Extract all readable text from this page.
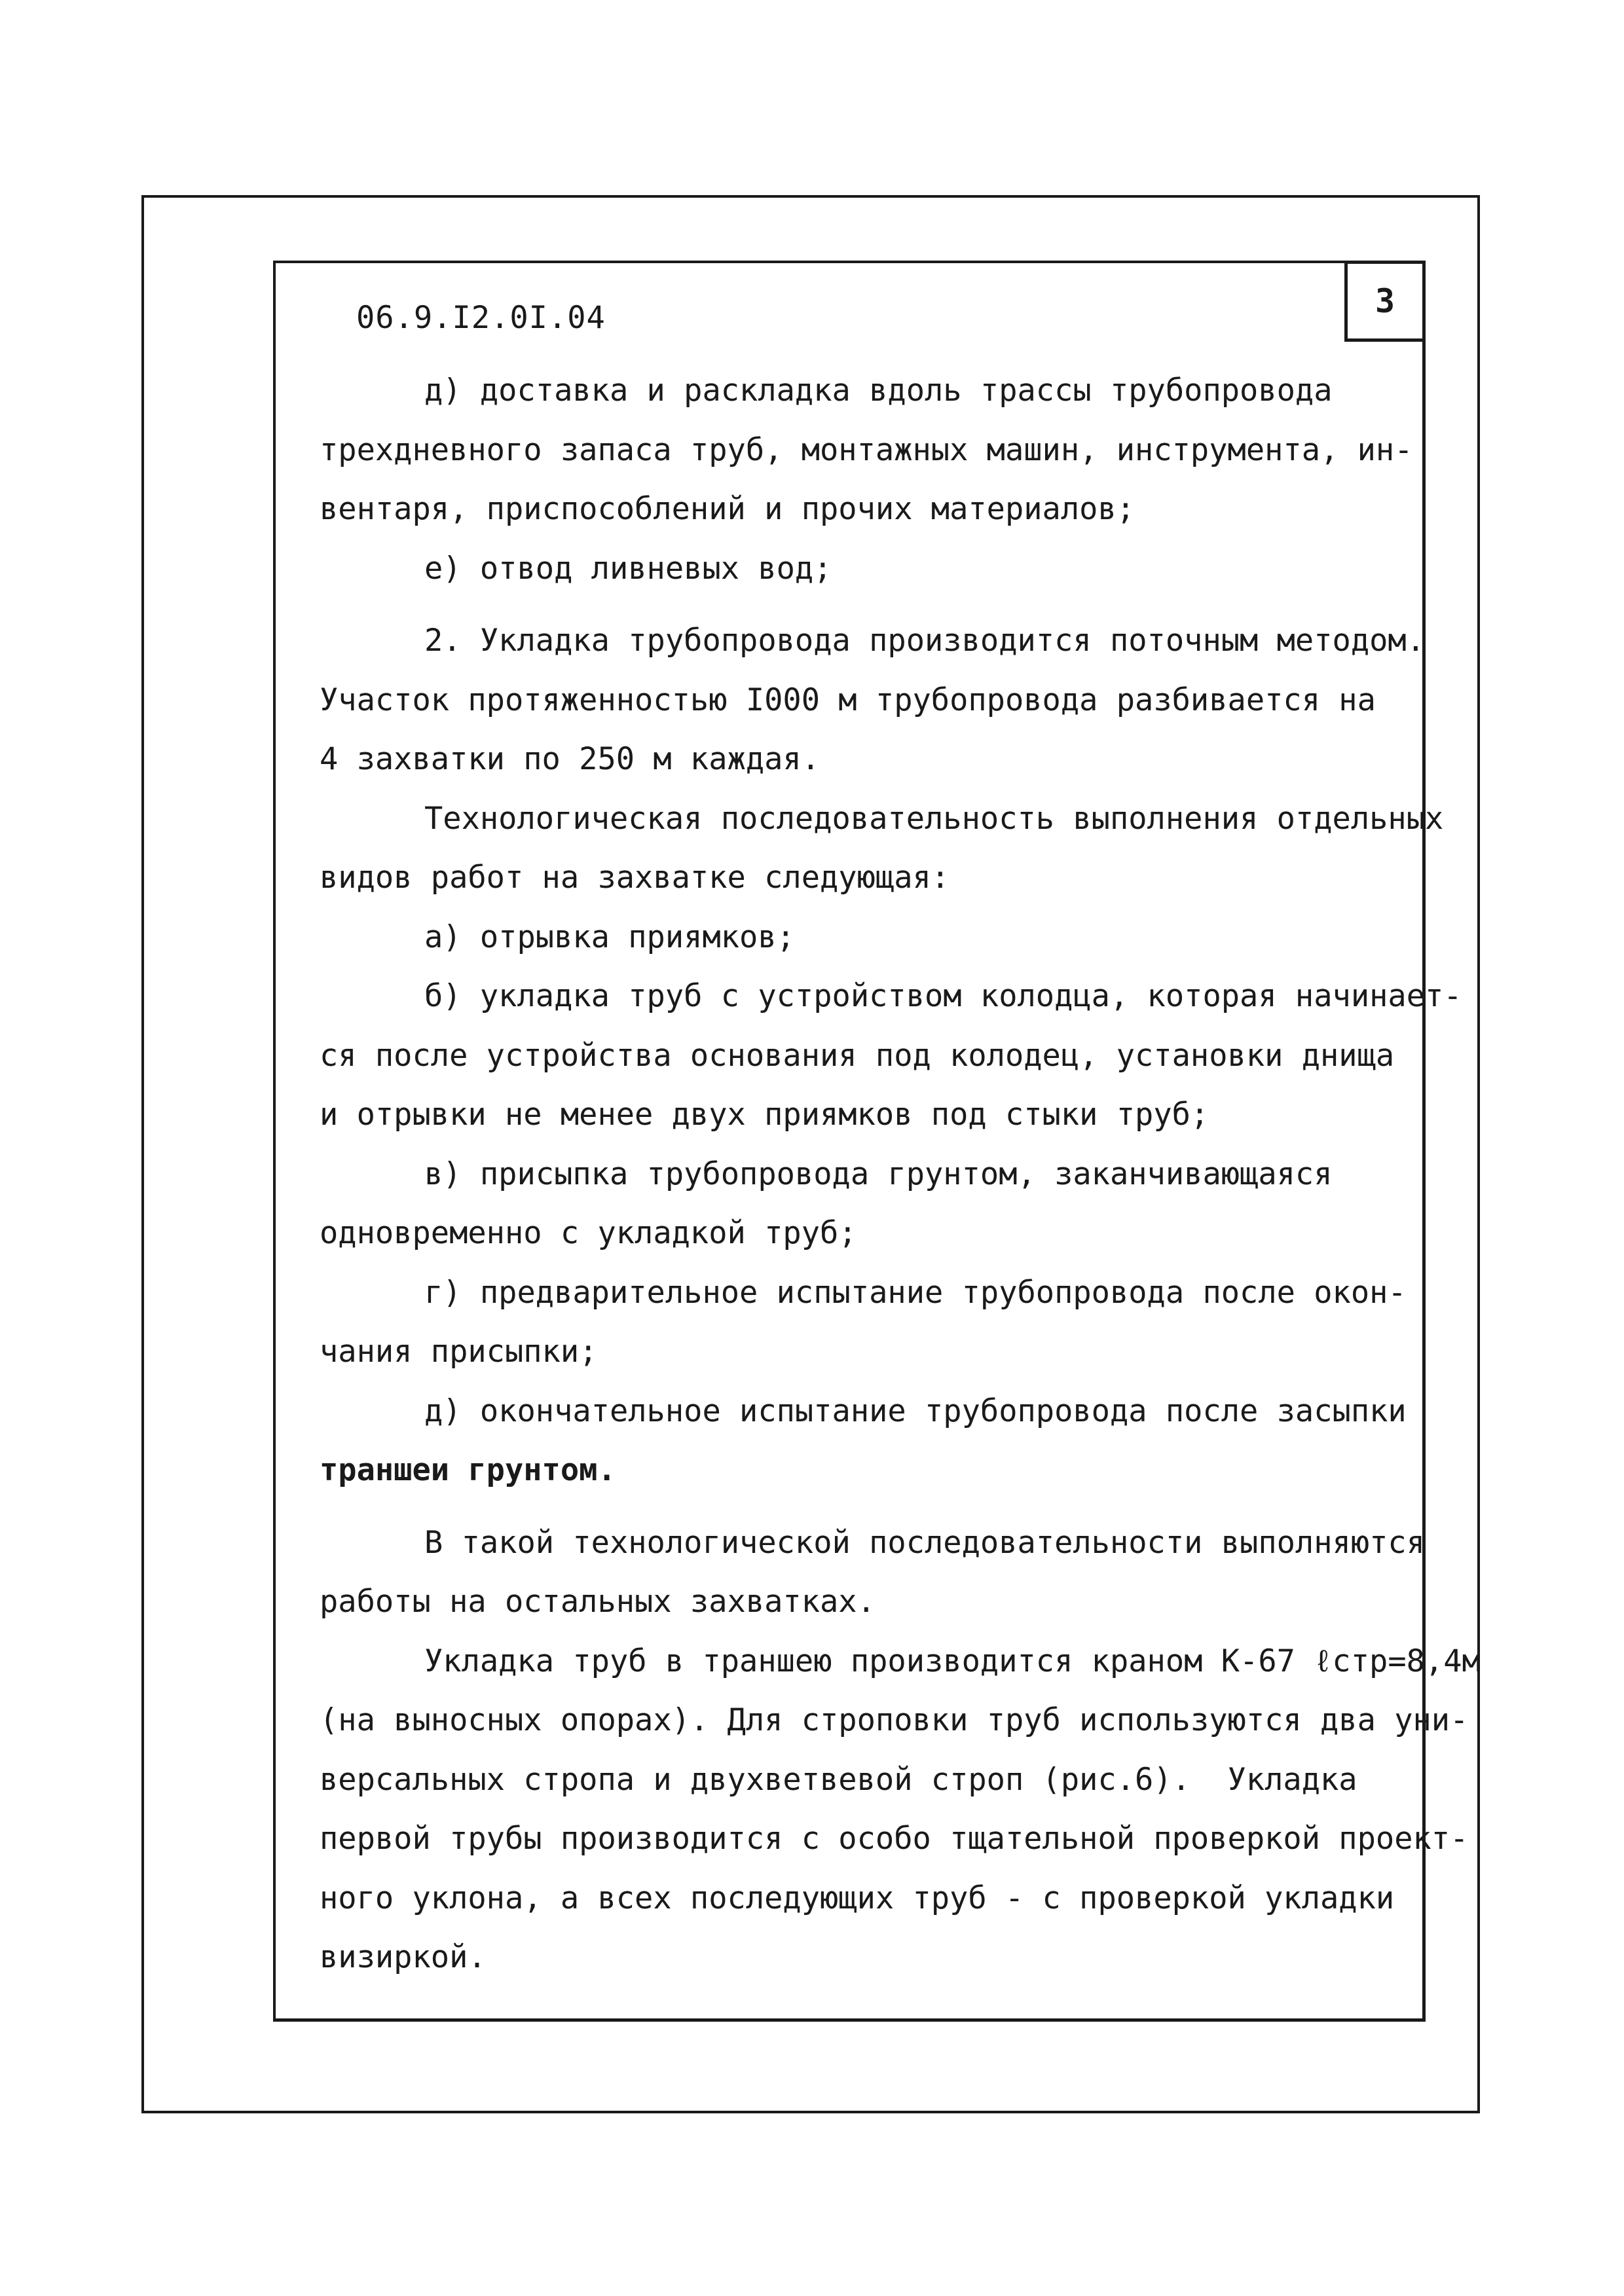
3
06.9.I2.0I.04
д) доставка и раскладка вдоль трассы трубопровода
трехдневного запаса труб, монтажных машин, инструмента, ин-
вентаря, приспособлений и прочих материалов;
е) отвод ливневых вод;
2. Укладка трубопровода производится поточным методом.
Участок протяженностью I000 м трубопровода разбивается на
4 захватки по 250 м каждая.
Технологическая последовательность выполнения отдельных
видов работ на захватке следующая:
а) отрывка приямков;
б) укладка труб с устройством колодца, которая начинает-
ся после устройства основания под колодец, установки днища
и отрывки не менее двух приямков под стыки труб;
в) присыпка трубопровода грунтом, заканчивающаяся
одновременно с укладкой труб;
г) предварительное испытание трубопровода после окон-
чания присыпки;
д) окончательное испытание трубопровода после засыпки
траншеи грунтом.
В такой технологической последовательности выполняются
работы на остальных захватках.
Укладка труб в траншею производится краном К-67 ℓстр=8,4м
(на выносных опорах). Для строповки труб используются два уни-
версальных стропа и двухветвевой строп (рис.6).  Укладка
первой трубы производится с особо тщательной проверкой проект-
ного уклона, а всех последующих труб - с проверкой укладки
визиркой.
